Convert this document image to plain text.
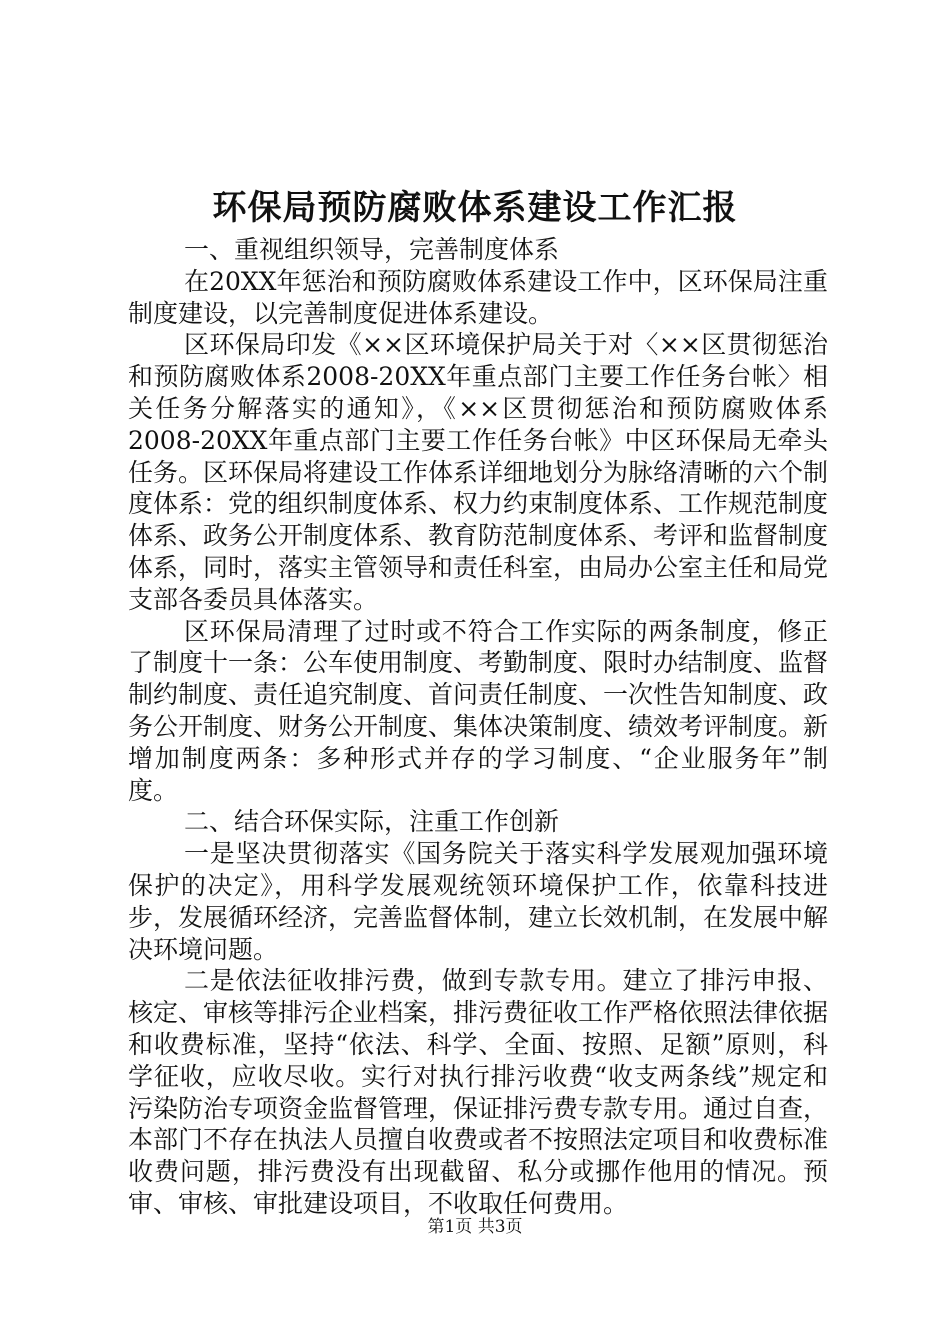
环保局预防腐败体系建设工作汇报

一、重视组织领导，完善制度体系

在20XX年惩治和预防腐败体系建设工作中，区环保局注重制度建设，以完善制度促进体系建设。

区环保局印发《××区环境保护局关于对〈××区贯彻惩治和预防腐败体系2008-20XX年重点部门主要工作任务台帐〉相关任务分解落实的通知》，《××区贯彻惩治和预防腐败体系2008-20XX年重点部门主要工作任务台帐》中区环保局无牵头任务。区环保局将建设工作体系详细地划分为脉络清晰的六个制度体系：党的组织制度体系、权力约束制度体系、工作规范制度体系、政务公开制度体系、教育防范制度体系、考评和监督制度体系，同时，落实主管领导和责任科室，由局办公室主任和局党支部各委员具体落实。

区环保局清理了过时或不符合工作实际的两条制度，修正了制度十一条：公车使用制度、考勤制度、限时办结制度、监督制约制度、责任追究制度、首问责任制度、一次性告知制度、政务公开制度、财务公开制度、集体决策制度、绩效考评制度。新增加制度两条：多种形式并存的学习制度、“企业服务年”制度。

二、结合环保实际，注重工作创新

一是坚决贯彻落实《国务院关于落实科学发展观加强环境保护的决定》，用科学发展观统领环境保护工作，依靠科技进步，发展循环经济，完善监督体制，建立长效机制，在发展中解决环境问题。

二是依法征收排污费，做到专款专用。建立了排污申报、核定、审核等排污企业档案，排污费征收工作严格依照法律依据和收费标准，坚持“依法、科学、全面、按照、足额”原则，科学征收，应收尽收。实行对执行排污收费“收支两条线”规定和污染防治专项资金监督管理，保证排污费专款专用。通过自查，本部门不存在执法人员擅自收费或者不按照法定项目和收费标准收费问题，排污费没有出现截留、私分或挪作他用的情况。预审、审核、审批建设项目，不收取任何费用。

第1页 共3页
